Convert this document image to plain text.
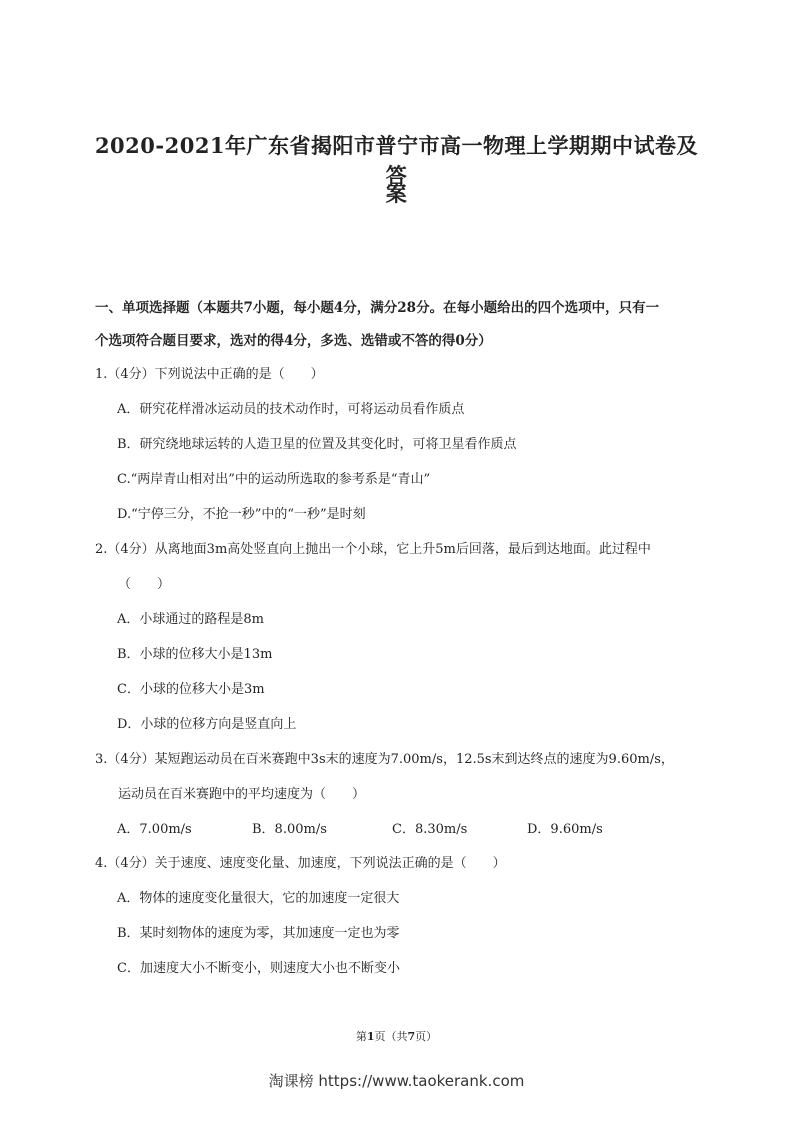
2020-2021年广东省揭阳市普宁市高一物理上学期期中试卷及答
案

一、单项选择题（本题共7小题，每小题4分，满分28分。在每小题给出的四个选项中，只有一

个选项符合题目要求，选对的得4分，多选、选错或不答的得0分）

1.（4分）下列说法中正确的是（　　）

A．研究花样滑冰运动员的技术动作时，可将运动员看作质点

B．研究绕地球运转的人造卫星的位置及其变化时，可将卫星看作质点

C.“两岸青山相对出”中的运动所选取的参考系是“青山”

D.“宁停三分，不抢一秒”中的“一秒”是时刻

2.（4分）从离地面3m高处竖直向上抛出一个小球，它上升5m后回落，最后到达地面。此过程中

（　　）

A．小球通过的路程是8m

B．小球的位移大小是13m

C．小球的位移大小是3m

D．小球的位移方向是竖直向上

3.（4分）某短跑运动员在百米赛跑中3s末的速度为7.00m/s，12.5s末到达终点的速度为9.60m/s，

运动员在百米赛跑中的平均速度为（　　）

A．7.00m/s	B．8.00m/s	C．8.30m/s	D．9.60m/s

4.（4分）关于速度、速度变化量、加速度，下列说法正确的是（　　）

A．物体的速度变化量很大，它的加速度一定很大

B．某时刻物体的速度为零，其加速度一定也为零

C．加速度大小不断变小，则速度大小也不断变小

第1页（共7页）

淘课榜 https://www.taokerank.com
